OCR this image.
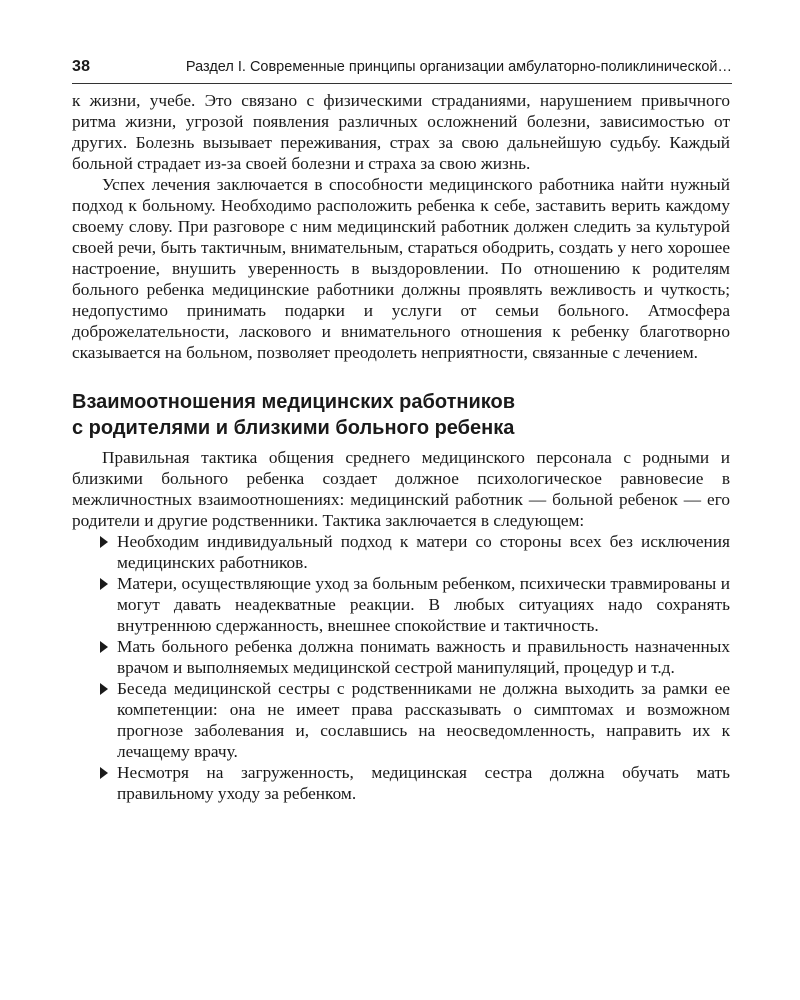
38	Раздел I. Современные принципы организации амбулаторно-поликлинической…

к жизни, учебе. Это связано с физическими страданиями, нарушением привычного ритма жизни, угрозой появления различных осложнений болезни, зависимостью от других. Болезнь вызывает переживания, страх за свою дальнейшую судьбу. Каждый больной страдает из-за своей болезни и страха за свою жизнь.

Успех лечения заключается в способности медицинского работника найти нужный подход к больному. Необходимо расположить ребенка к себе, заставить верить каждому своему слову. При разговоре с ним медицинский работник должен следить за культурой своей речи, быть тактичным, внимательным, стараться ободрить, создать у него хорошее настроение, внушить уверенность в выздоровлении. По отношению к родителям больного ребенка медицинские работники должны проявлять вежливость и чуткость; недопустимо принимать подарки и услуги от семьи больного. Атмосфера доброжелательности, ласкового и внимательного отношения к ребенку благотворно сказывается на больном, позволяет преодолеть неприятности, связанные с лечением.

Взаимоотношения медицинских работников
с родителями и близкими больного ребенка

Правильная тактика общения среднего медицинского персонала с родными и близкими больного ребенка создает должное психологическое равновесие в межличностных взаимоотношениях: медицинский работник — больной ребенок — его родители и другие родственники. Тактика заключается в следующем:

Необходим индивидуальный подход к матери со стороны всех без исключения медицинских работников.
Матери, осуществляющие уход за больным ребенком, психически травмированы и могут давать неадекватные реакции. В любых ситуациях надо сохранять внутреннюю сдержанность, внешнее спокойствие и тактичность.
Мать больного ребенка должна понимать важность и правильность назначенных врачом и выполняемых медицинской сестрой манипуляций, процедур и т.д.
Беседа медицинской сестры с родственниками не должна выходить за рамки ее компетенции: она не имеет права рассказывать о симптомах и возможном прогнозе заболевания и, сославшись на неосведомленность, направить их к лечащему врачу.
Несмотря на загруженность, медицинская сестра должна обучать мать правильному уходу за ребенком.
